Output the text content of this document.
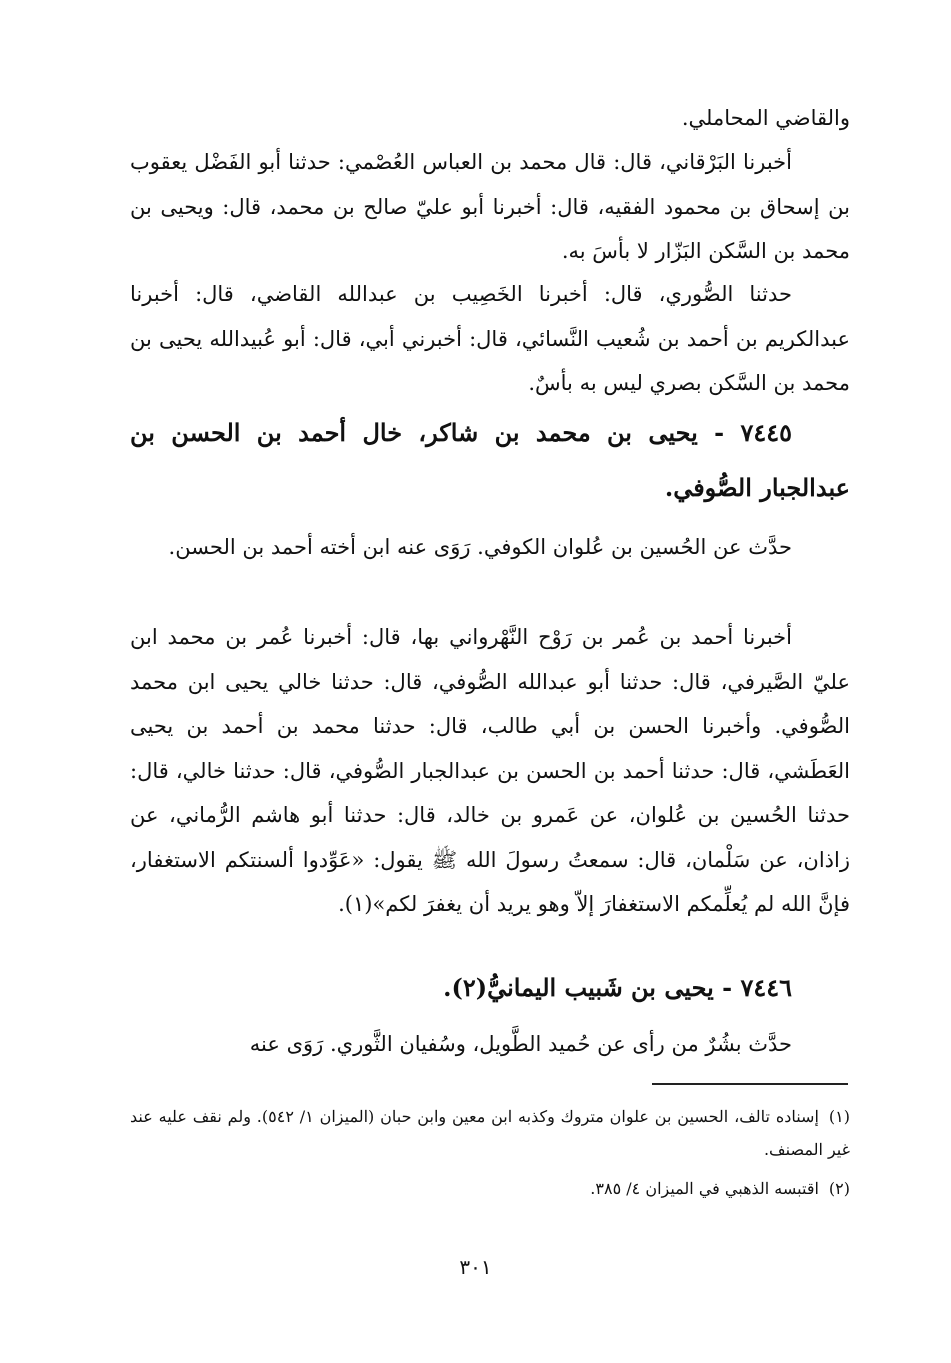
والقاضي المحاملي.

أخبرنا البَرْقاني، قال: قال محمد بن العباس العُصْمي: حدثنا أبو الفَضْل يعقوب بن إسحاق بن محمود الفقيه، قال: أخبرنا أبو عليّ صالح بن محمد، قال: ويحيى بن محمد بن السَّكن البَزّار لا بأسَ به.

حدثنا الصُّوري، قال: أخبرنا الخَصِيب بن عبدالله القاضي، قال: أخبرنا عبدالكريم بن أحمد بن شُعيب النَّسائي، قال: أخبرني أبي، قال: أبو عُبيدالله يحيى بن محمد بن السَّكن بصري ليس به بأسٌ.

٧٤٤٥ - يحيى بن محمد بن شاكر، خال أحمد بن الحسن بن عبدالجبار الصُّوفي.

حدَّث عن الحُسين بن عُلوان الكوفي. رَوَى عنه ابن أخته أحمد بن الحسن.

أخبرنا أحمد بن عُمر بن رَوْح النَّهْرواني بها، قال: أخبرنا عُمر بن محمد ابن عليّ الصَّيرفي، قال: حدثنا أبو عبدالله الصُّوفي، قال: حدثنا خالي يحيى ابن محمد الصُّوفي. وأخبرنا الحسن بن أبي طالب، قال: حدثنا محمد بن أحمد بن يحيى العَطَشي، قال: حدثنا أحمد بن الحسن بن عبدالجبار الصُّوفي، قال: حدثنا خالي، قال: حدثنا الحُسين بن عُلوان، عن عَمرو بن خالد، قال: حدثنا أبو هاشم الرُّماني، عن زاذان، عن سَلْمان، قال: سمعتُ رسولَ الله ﷺ يقول: «عَوِّدوا ألسنتكم الاستغفار، فإنَّ الله لم يُعلِّمكم الاستغفارَ إلاّ وهو يريد أن يغفرَ لكم»(١).

٧٤٤٦ - يحيى بن شَبيب اليمانيُّ(٢).

حدَّث بشُرٌ من رأى عن حُميد الطَّويل، وسُفيان الثَّوري. رَوَى عنه

(١)إسناده تالف، الحسين بن علوان متروك وكذبه ابن معين وابن حبان (الميزان ١/ ٥٤٢). ولم نقف عليه عند غير المصنف.

(٢)اقتبسه الذهبي في الميزان ٤/ ٣٨٥.

٣٠١
